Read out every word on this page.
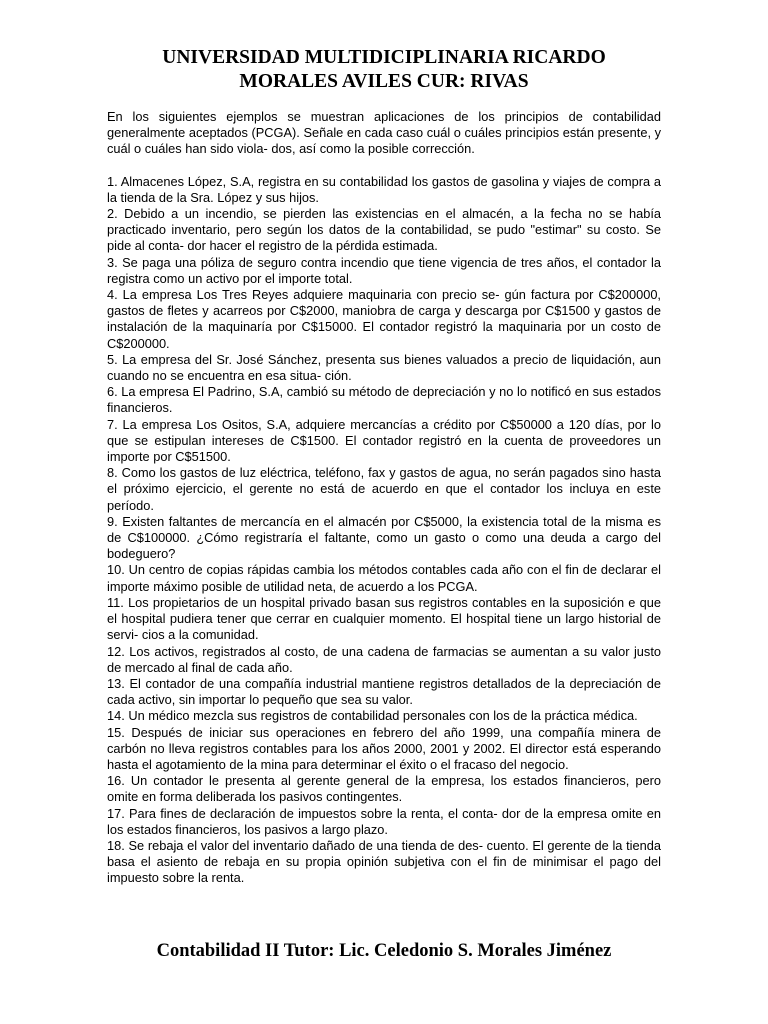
UNIVERSIDAD MULTIDICIPLINARIA RICARDO
MORALES AVILES CUR: RIVAS

En los siguientes ejemplos se muestran aplicaciones de los principios de contabilidad generalmente aceptados (PCGA). Señale en cada caso cuál o cuáles principios están presente, y cuál o cuáles han sido viola- dos, así como la posible corrección.

1. Almacenes López, S.A, registra en su contabilidad los gastos de gasolina y viajes de compra a la tienda de la Sra. López y sus hijos.
2. Debido a un incendio, se pierden las existencias en el almacén, a la fecha no se había practicado inventario, pero según los datos de la contabilidad, se pudo "estimar" su costo. Se pide al conta- dor hacer el registro de la pérdida estimada.
3. Se paga una póliza de seguro contra incendio que tiene vigencia de tres años, el contador la registra como un activo por el importe total.
4. La empresa Los Tres Reyes adquiere maquinaria con precio se- gún factura por C$200000, gastos de fletes y acarreos por C$2000, maniobra de carga y descarga por C$1500 y gastos de instalación de la maquinaría por C$15000. El contador registró la maquinaria por un costo de C$200000.
5. La empresa del Sr. José Sánchez, presenta sus bienes valuados a precio de liquidación, aun cuando no se encuentra en esa situa- ción.
6. La empresa El Padrino, S.A, cambió su método de depreciación y no lo notificó en sus estados financieros.
7. La empresa Los Ositos, S.A, adquiere mercancías a crédito por C$50000 a 120 días, por lo que se estipulan intereses de C$1500. El contador registró en la cuenta de proveedores un importe por C$51500.
8. Como los gastos de luz eléctrica, teléfono, fax y gastos de agua, no serán pagados sino hasta el próximo ejercicio, el gerente no está de acuerdo en que el contador los incluya en este período.
9. Existen faltantes de mercancía en el almacén por C$5000, la existencia total de la misma es de C$100000. ¿Cómo registraría el faltante, como un gasto o como una deuda a cargo del bodeguero?
10. Un centro de copias rápidas cambia los métodos contables cada año con el fin de declarar el importe máximo posible de utilidad neta, de acuerdo a los PCGA.
11. Los propietarios de un hospital privado basan sus registros contables en la suposición e que el hospital pudiera tener que cerrar en cualquier momento. El hospital tiene un largo historial de servi- cios a la comunidad.
12. Los activos, registrados al costo, de una cadena de farmacias se aumentan a su valor justo de mercado al final de cada año.
13. El contador de una compañía industrial mantiene registros detallados de la depreciación de cada activo, sin importar lo pequeño que sea su valor.
14. Un médico mezcla sus registros de contabilidad personales con los de la práctica médica.
15. Después de iniciar sus operaciones en febrero del año 1999, una compañía minera de carbón no lleva registros contables para los años 2000, 2001 y 2002. El director está esperando hasta el agotamiento de la mina para determinar el éxito o el fracaso del negocio.
16. Un contador le presenta al gerente general de la empresa, los estados financieros, pero omite en forma deliberada los pasivos contingentes.
17. Para fines de declaración de impuestos sobre la renta, el conta- dor de la empresa omite en los estados financieros, los pasivos a largo plazo.
18. Se rebaja el valor del inventario dañado de una tienda de des- cuento. El gerente de la tienda basa el asiento de rebaja en su propia opinión subjetiva con el fin de minimisar el pago del impuesto sobre la renta.
Contabilidad II Tutor: Lic. Celedonio S. Morales Jiménez
